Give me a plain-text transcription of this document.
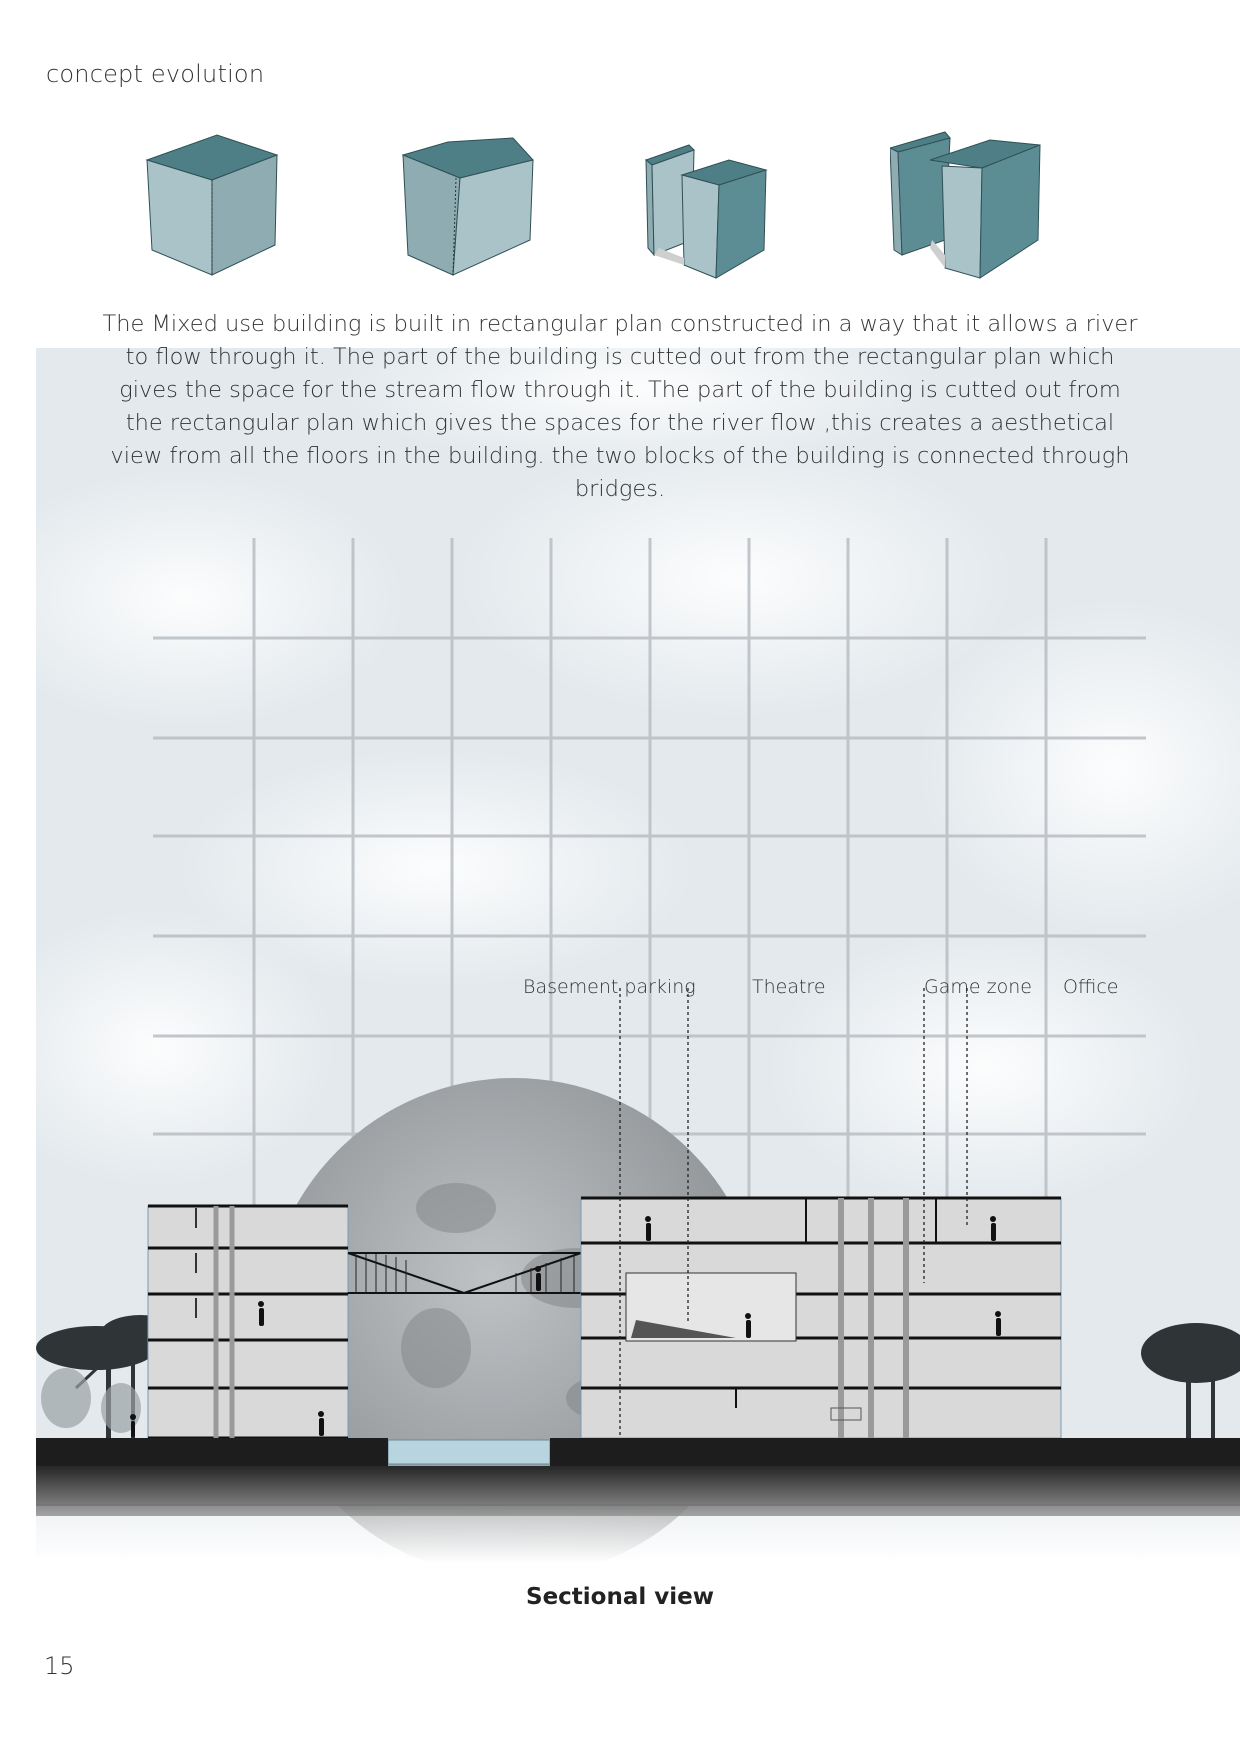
concept evolution
The Mixed use building is built in rectangular plan constructed in a way that it allows a river to flow through it. The part of the building is cutted out from the rectangular plan which gives the space for the stream flow through it. The part of the building is cutted out from the rectangular plan which gives the spaces for the river flow ,this creates a aesthetical view from all the floors in the building. the two blocks of the building is connected through bridges.
Basement parking	Theatre	Game zone Office
Sectional view
15
